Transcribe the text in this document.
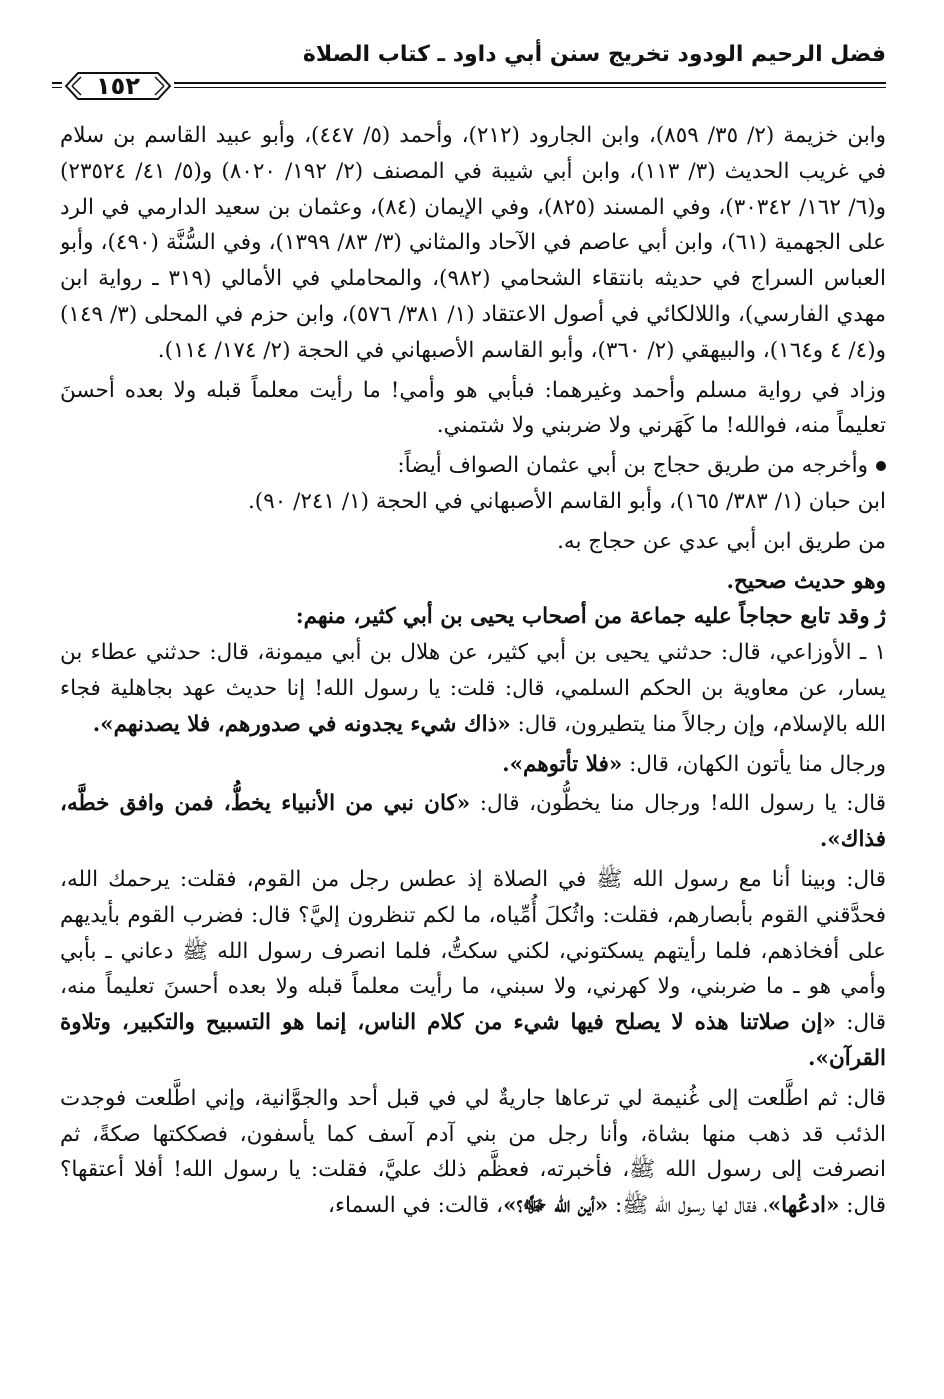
فضل الرحيم الودود تخريج سنن أبي داود ـ كتاب الصلاة
١٥٢

وابن خزيمة (٢/ ٣٥/ ٨٥٩)، وابن الجارود (٢١٢)، وأحمد (٥/ ٤٤٧)، وأبو عبيد القاسم بن سلام في غريب الحديث (٣/ ١١٣)، وابن أبي شيبة في المصنف (٢/ ١٩٢/ ٨٠٢٠) و(٥/ ٤١/ ٢٣٥٢٤) و(٦/ ١٦٢/ ٣٠٣٤٢)، وفي المسند (٨٢٥)، وفي الإيمان (٨٤)، وعثمان بن سعيد الدارمي في الرد على الجهمية (٦١)، وابن أبي عاصم في الآحاد والمثاني (٣/ ٨٣/ ١٣٩٩)، وفي السُّنَّة (٤٩٠)، وأبو العباس السراج في حديثه بانتقاء الشحامي (٩٨٢)، والمحاملي في الأمالي (٣١٩ ـ رواية ابن مهدي الفارسي)، واللالكائي في أصول الاعتقاد (١/ ٣٨١/ ٥٧٦)، وابن حزم في المحلى (٣/ ١٤٩) و(٤/ ٤ و١٦٤)، والبيهقي (٢/ ٣٦٠)، وأبو القاسم الأصبهاني في الحجة (٢/ ١٧٤/ ١١٤).

وزاد في رواية مسلم وأحمد وغيرهما: فبأبي هو وأمي! ما رأيت معلماً قبله ولا بعده أحسنَ تعليماً منه، فوالله! ما كَهَرني ولا ضربني ولا شتمني.

وأخرجه من طريق حجاج بن أبي عثمان الصواف أيضاً:

ابن حبان (١/ ٣٨٣/ ١٦٥)، وأبو القاسم الأصبهاني في الحجة (١/ ٢٤١/ ٩٠).

من طريق ابن أبي عدي عن حجاج به.

وهو حديث صحيح.

ﮊوقد تابع حجاجاً عليه جماعة من أصحاب يحيى بن أبي كثير، منهم:

١ ـ الأوزاعي، قال: حدثني يحيى بن أبي كثير، عن هلال بن أبي ميمونة، قال: حدثني عطاء بن يسار، عن معاوية بن الحكم السلمي، قال: قلت: يا رسول الله! إنا حديث عهد بجاهلية فجاء الله بالإسلام، وإن رجالاً منا يتطيرون، قال: «ذاك شيء يجدونه في صدورهم، فلا يصدنهم».

ورجال منا يأتون الكهان، قال: «فلا تأتوهم».

قال: يا رسول الله! ورجال منا يخطُّون، قال: «كان نبي من الأنبياء يخطُّ، فمن وافق خطَّه، فذاك».

قال: وبينا أنا مع رسول الله ﷺ في الصلاة إذ عطس رجل من القوم، فقلت: يرحمك الله، فحدَّقني القوم بأبصارهم، فقلت: واثُكلَ أُمِّياه، ما لكم تنظرون إليَّ؟ قال: فضرب القوم بأيديهم على أفخاذهم، فلما رأيتهم يسكتوني، لكني سكتُّ، فلما انصرف رسول الله ﷺ دعاني ـ بأبي وأمي هو ـ ما ضربني، ولا كهرني، ولا سبني، ما رأيت معلماً قبله ولا بعده أحسنَ تعليماً منه، قال: «إن صلاتنا هذه لا يصلح فيها شيء من كلام الناس، إنما هو التسبيح والتكبير، وتلاوة القرآن».

قال: ثم اطَّلعت إلى غُنيمة لي ترعاها جاريةٌ لي في قبل أحد والجوَّانية، وإني اطَّلعت فوجدت الذئب قد ذهب منها بشاة، وأنا رجل من بني آدم آسف كما يأسفون، فصككتها صكةً، ثم انصرفت إلى رسول الله ﷺ، فأخبرته، فعظَّم ذلك عليَّ، فقلت: يا رسول الله! أفلا أعتقها؟ قال: «ادعُها»، فقال لها رسول الله ﷺ: «أين الله ﷻ؟»، قالت: في السماء،
